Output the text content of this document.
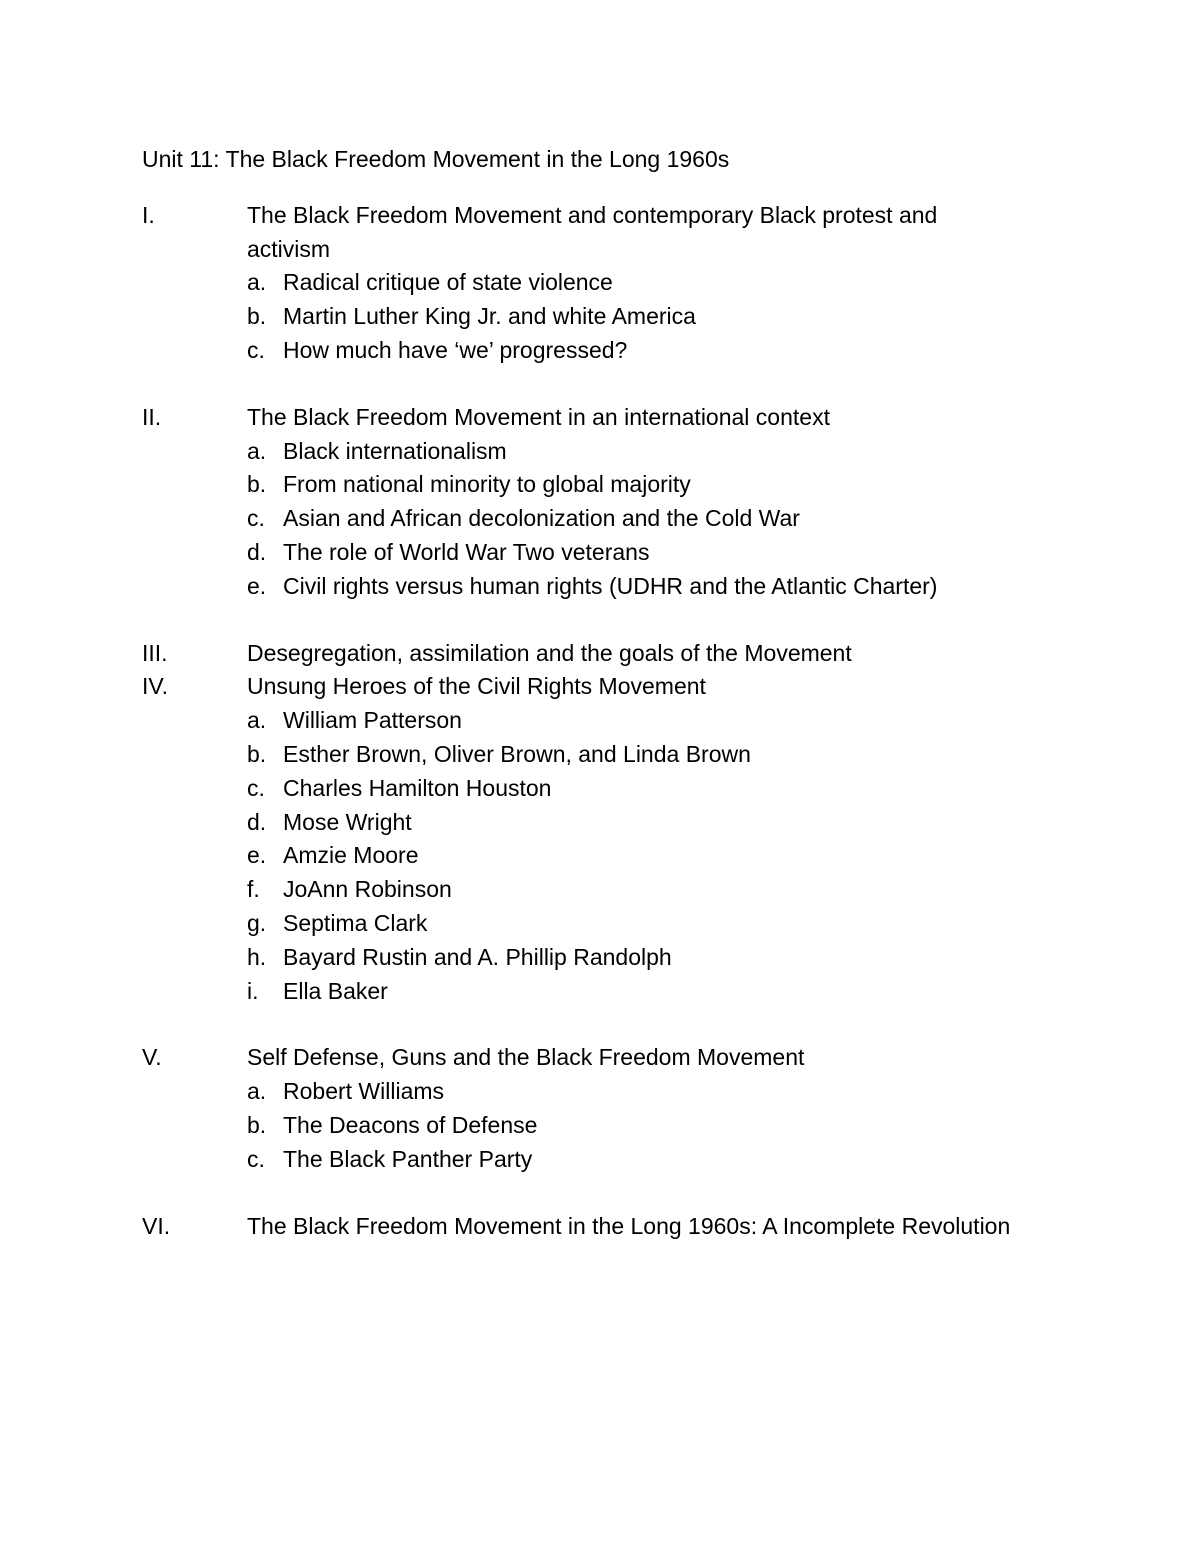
Unit 11: The Black Freedom Movement in the Long 1960s
I.	The Black Freedom Movement and contemporary Black protest and activism
a. Radical critique of state violence
b. Martin Luther King Jr. and white America
c. How much have ‘we’ progressed?
II.	The Black Freedom Movement in an international context
a. Black internationalism
b. From national minority to global majority
c. Asian and African decolonization and the Cold War
d. The role of World War Two veterans
e. Civil rights versus human rights (UDHR and the Atlantic Charter)
III.	Desegregation, assimilation and the goals of the Movement
IV.	Unsung Heroes of the Civil Rights Movement
a. William Patterson
b. Esther Brown, Oliver Brown, and Linda Brown
c. Charles Hamilton Houston
d. Mose Wright
e. Amzie Moore
f.	JoAnn Robinson
g. Septima Clark
h. Bayard Rustin and A. Phillip Randolph
i.	Ella Baker
V.	Self Defense, Guns and the Black Freedom Movement
a. Robert Williams
b. The Deacons of Defense
c. The Black Panther Party
VI.	The Black Freedom Movement in the Long 1960s: A Incomplete Revolution
